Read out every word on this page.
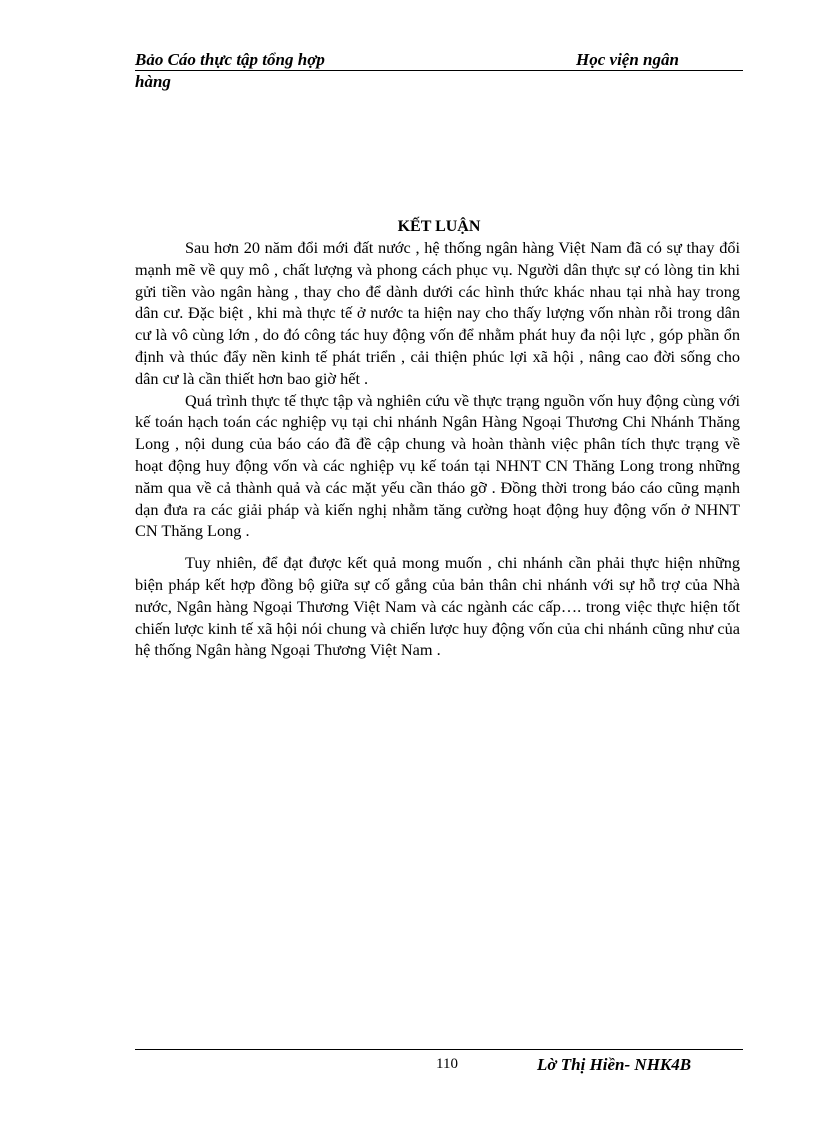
Bảo Cáo thực tập tổng hợp	Học viện ngân
hàng
KẾT LUẬN

Sau hơn 20 năm đổi mới đất nước , hệ thống ngân hàng Việt Nam đã có sự thay đổi mạnh mẽ về quy mô , chất lượng và phong cách phục vụ. Người dân thực sự có lòng tin khi gửi tiền vào ngân hàng , thay cho để dành dưới các hình thức khác nhau tại nhà hay trong dân cư. Đặc biệt , khi mà thực tế ở nước ta hiện nay cho thấy lượng vốn nhàn rỗi trong dân cư là vô cùng lớn , do đó công tác huy động vốn để nhằm phát huy đa nội lực , góp phần ổn định và thúc đẩy nền kinh tế phát triển , cải thiện phúc lợi xã hội , nâng cao đời sống cho dân cư là cần thiết hơn bao giờ hết .

Quá trình thực tế thực tập và nghiên cứu về thực trạng nguồn vốn huy động cùng với kế toán hạch toán các nghiệp vụ tại chi nhánh Ngân Hàng Ngoại Thương Chi Nhánh Thăng Long , nội dung của báo cáo đã đề cập chung và hoàn thành việc phân tích thực trạng về hoạt động huy động vốn và các nghiệp vụ kế toán tại NHNT CN Thăng Long trong những năm qua về cả thành quả và các mặt yếu cần tháo gỡ . Đồng thời trong báo cáo cũng mạnh dạn đưa ra các giải pháp và kiến nghị nhằm tăng cường hoạt động huy động vốn ở NHNT CN Thăng Long .

Tuy nhiên, để đạt được kết quả mong muốn , chi nhánh cần phải thực hiện những biện pháp kết hợp đồng bộ giữa sự cố gắng của bản thân chi nhánh với sự hỗ trợ của Nhà nước, Ngân hàng Ngoại Thương Việt Nam và các ngành các cấp…. trong việc thực hiện tốt chiến lược kinh tế xã hội nói chung và chiến lược huy động vốn của chi nhánh cũng như của hệ thống Ngân hàng Ngoại Thương Việt Nam .

110	Lờ Thị Hiền- NHK4B
